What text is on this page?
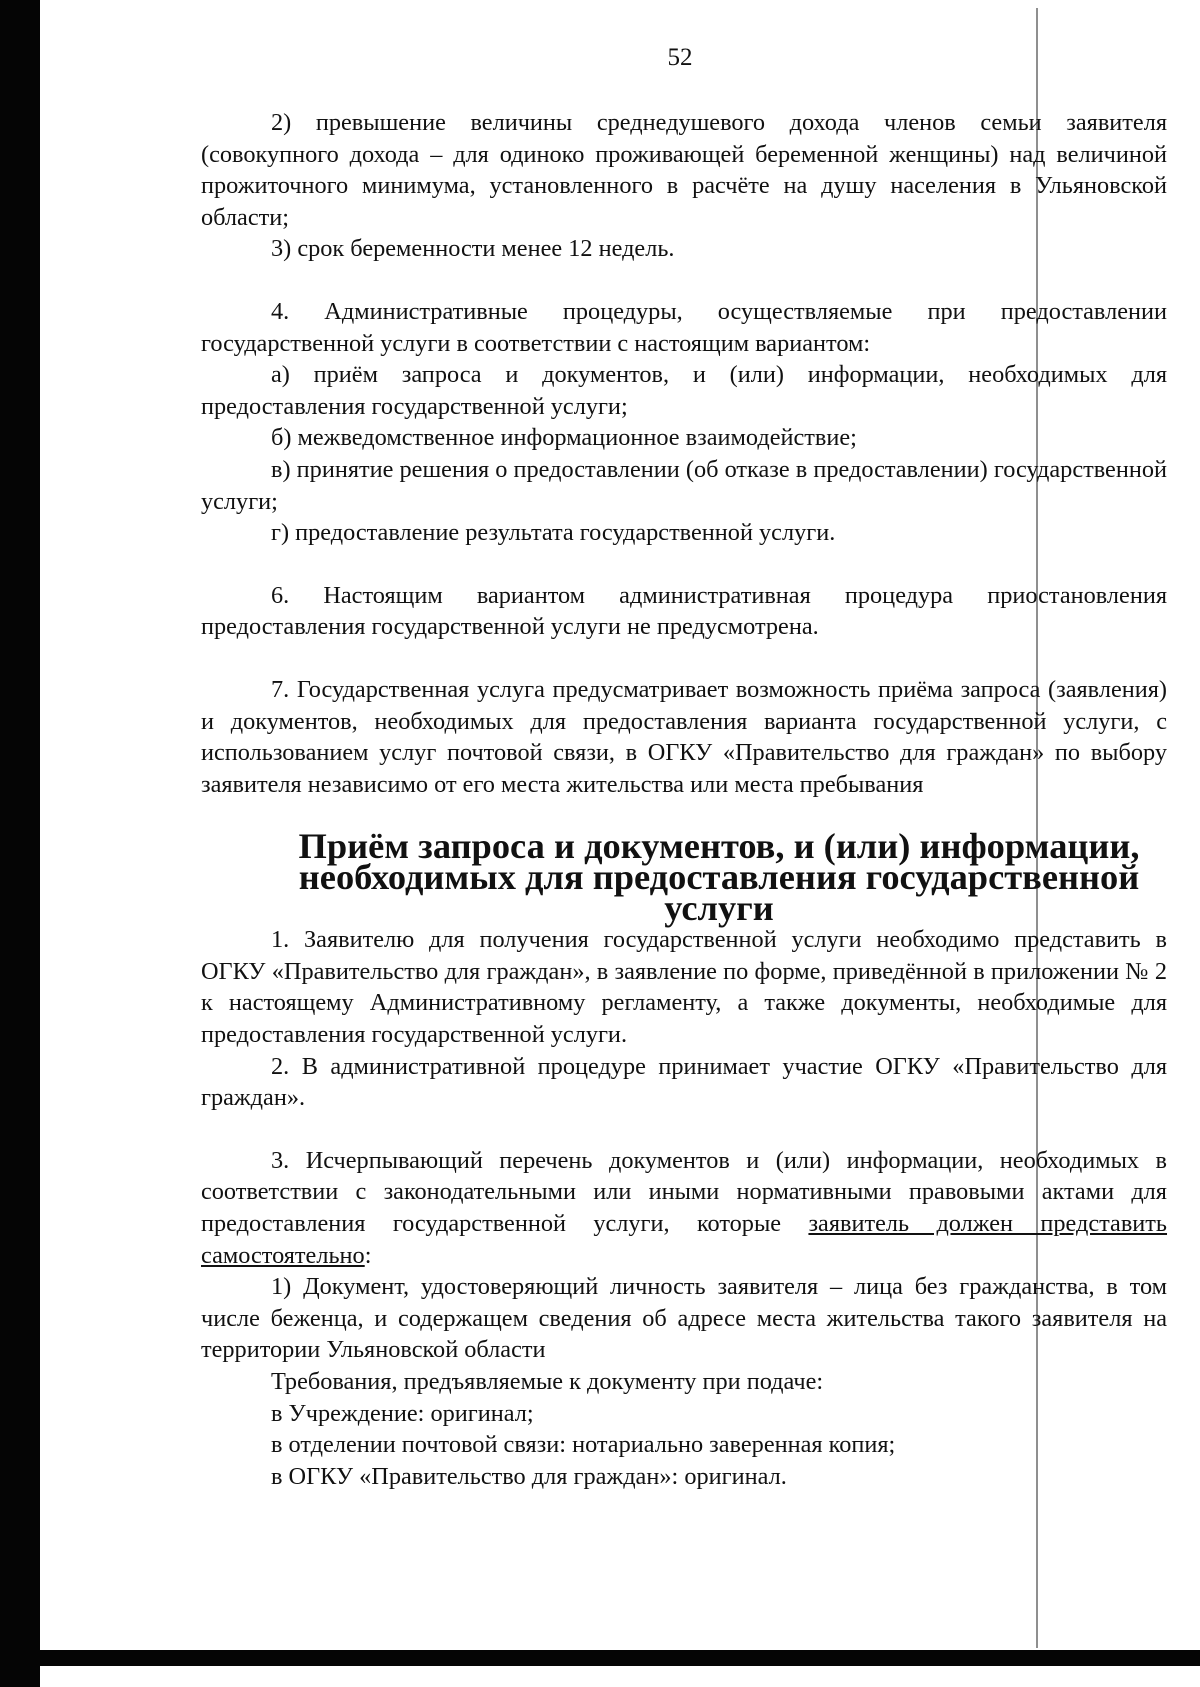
52

2) превышение величины среднедушевого дохода членов семьи заявителя (совокупного дохода – для одиноко проживающей беременной женщины) над величиной прожиточного минимума, установленного в расчёте на душу населения в Ульяновской области;

3) срок беременности менее 12 недель.

4. Административные процедуры, осуществляемые при предоставлении государственной услуги в соответствии с настоящим вариантом:

а) приём запроса и документов, и (или) информации, необходимых для предоставления государственной услуги;

б) межведомственное информационное взаимодействие;

в) принятие решения о предоставлении (об отказе в предоставлении) государственной услуги;

г) предоставление результата государственной услуги.

6. Настоящим вариантом административная процедура приостановления предоставления государственной услуги не предусмотрена.

7. Государственная услуга предусматривает возможность приёма запроса (заявления) и документов, необходимых для предоставления варианта государственной услуги, с использованием услуг почтовой связи, в ОГКУ «Правительство для граждан» по выбору заявителя независимо от его места жительства или места пребывания

Приём запроса и документов, и (или) информации, необходимых для предоставления государственной услуги

1. Заявителю для получения государственной услуги необходимо представить в ОГКУ «Правительство для граждан», в заявление по форме, приведённой в приложении № 2 к настоящему Административному регламенту, а также документы, необходимые для предоставления государственной услуги.

2. В административной процедуре принимает участие ОГКУ «Правительство для граждан».

3. Исчерпывающий перечень документов и (или) информации, необходимых в соответствии с законодательными или иными нормативными правовыми актами для предоставления государственной услуги, которые заявитель должен представить самостоятельно:

1) Документ, удостоверяющий личность заявителя – лица без гражданства, в том числе беженца, и содержащем сведения об адресе места жительства такого заявителя на территории Ульяновской области

Требования, предъявляемые к документу при подаче:

в Учреждение: оригинал;

в отделении почтовой связи: нотариально заверенная копия;

в ОГКУ «Правительство для граждан»: оригинал.
